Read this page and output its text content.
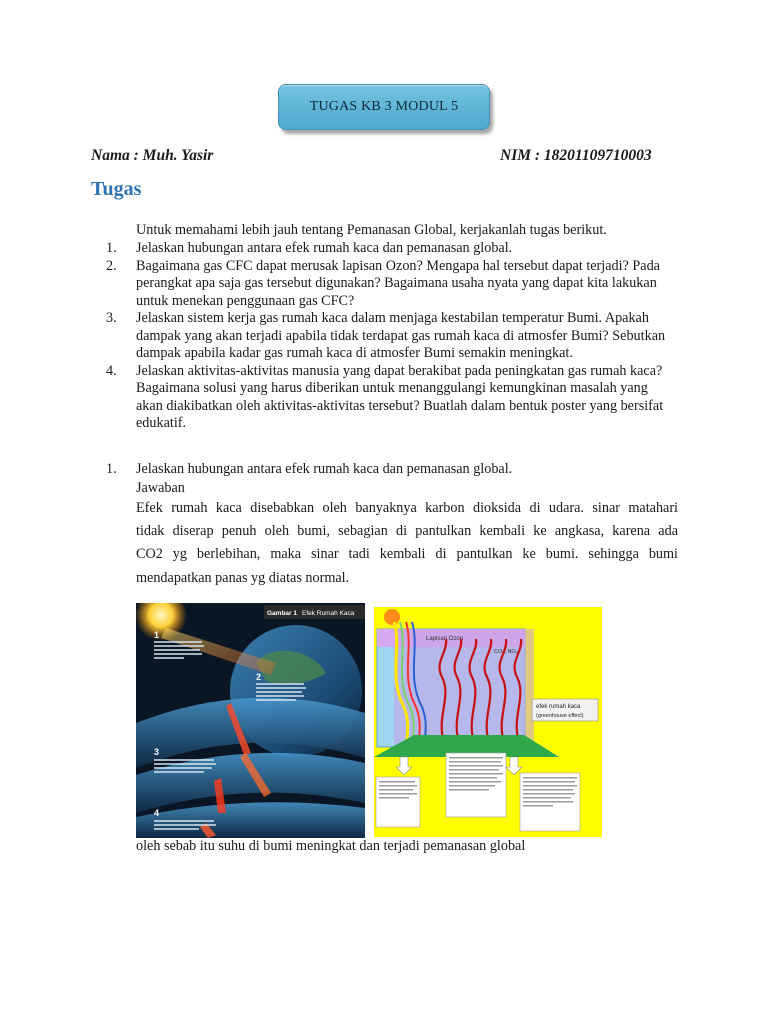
TUGAS KB 3 MODUL 5
Nama : Muh. Yasir	NIM : 18201109710003
Tugas
Untuk memahami lebih jauh tentang Pemanasan Global, kerjakanlah tugas berikut.
1.	Jelaskan hubungan antara efek rumah kaca dan pemanasan global.
2.	Bagaimana gas CFC dapat merusak lapisan Ozon? Mengapa hal tersebut dapat terjadi? Pada
perangkat apa saja gas tersebut digunakan? Bagaimana usaha nyata yang dapat kita lakukan
untuk menekan penggunaan gas CFC?
3.	Jelaskan sistem kerja gas rumah kaca dalam menjaga kestabilan temperatur Bumi. Apakah
dampak yang akan terjadi apabila tidak terdapat gas rumah kaca di atmosfer Bumi? Sebutkan
dampak apabila kadar gas rumah kaca di atmosfer Bumi semakin meningkat.
4.	Jelaskan aktivitas-aktivitas manusia yang dapat berakibat pada peningkatan gas rumah kaca?
Bagaimana solusi yang harus diberikan untuk menanggulangi kemungkinan masalah yang
akan diakibatkan oleh aktivitas-aktivitas tersebut? Buatlah dalam bentuk poster yang bersifat
edukatif.
1.	Jelaskan hubungan antara efek rumah kaca dan pemanasan global.
Jawaban
Efek rumah kaca disebabkan oleh banyaknya karbon dioksida di udara. sinar matahari
tidak diserap penuh oleh bumi, sebagian di pantulkan kembali ke angkasa, karena ada
CO2 yg berlebihan, maka sinar tadi kembali di pantulkan ke bumi. sehingga bumi
mendapatkan panas yg diatas normal.
Gambar 1 Efek Rumah Kaca
1
2
3
4
Lapisan Ozon
CO₂, NO₂
efek rumah kaca
(greenhouse effect)
oleh sebab itu suhu di bumi meningkat dan terjadi pemanasan global
